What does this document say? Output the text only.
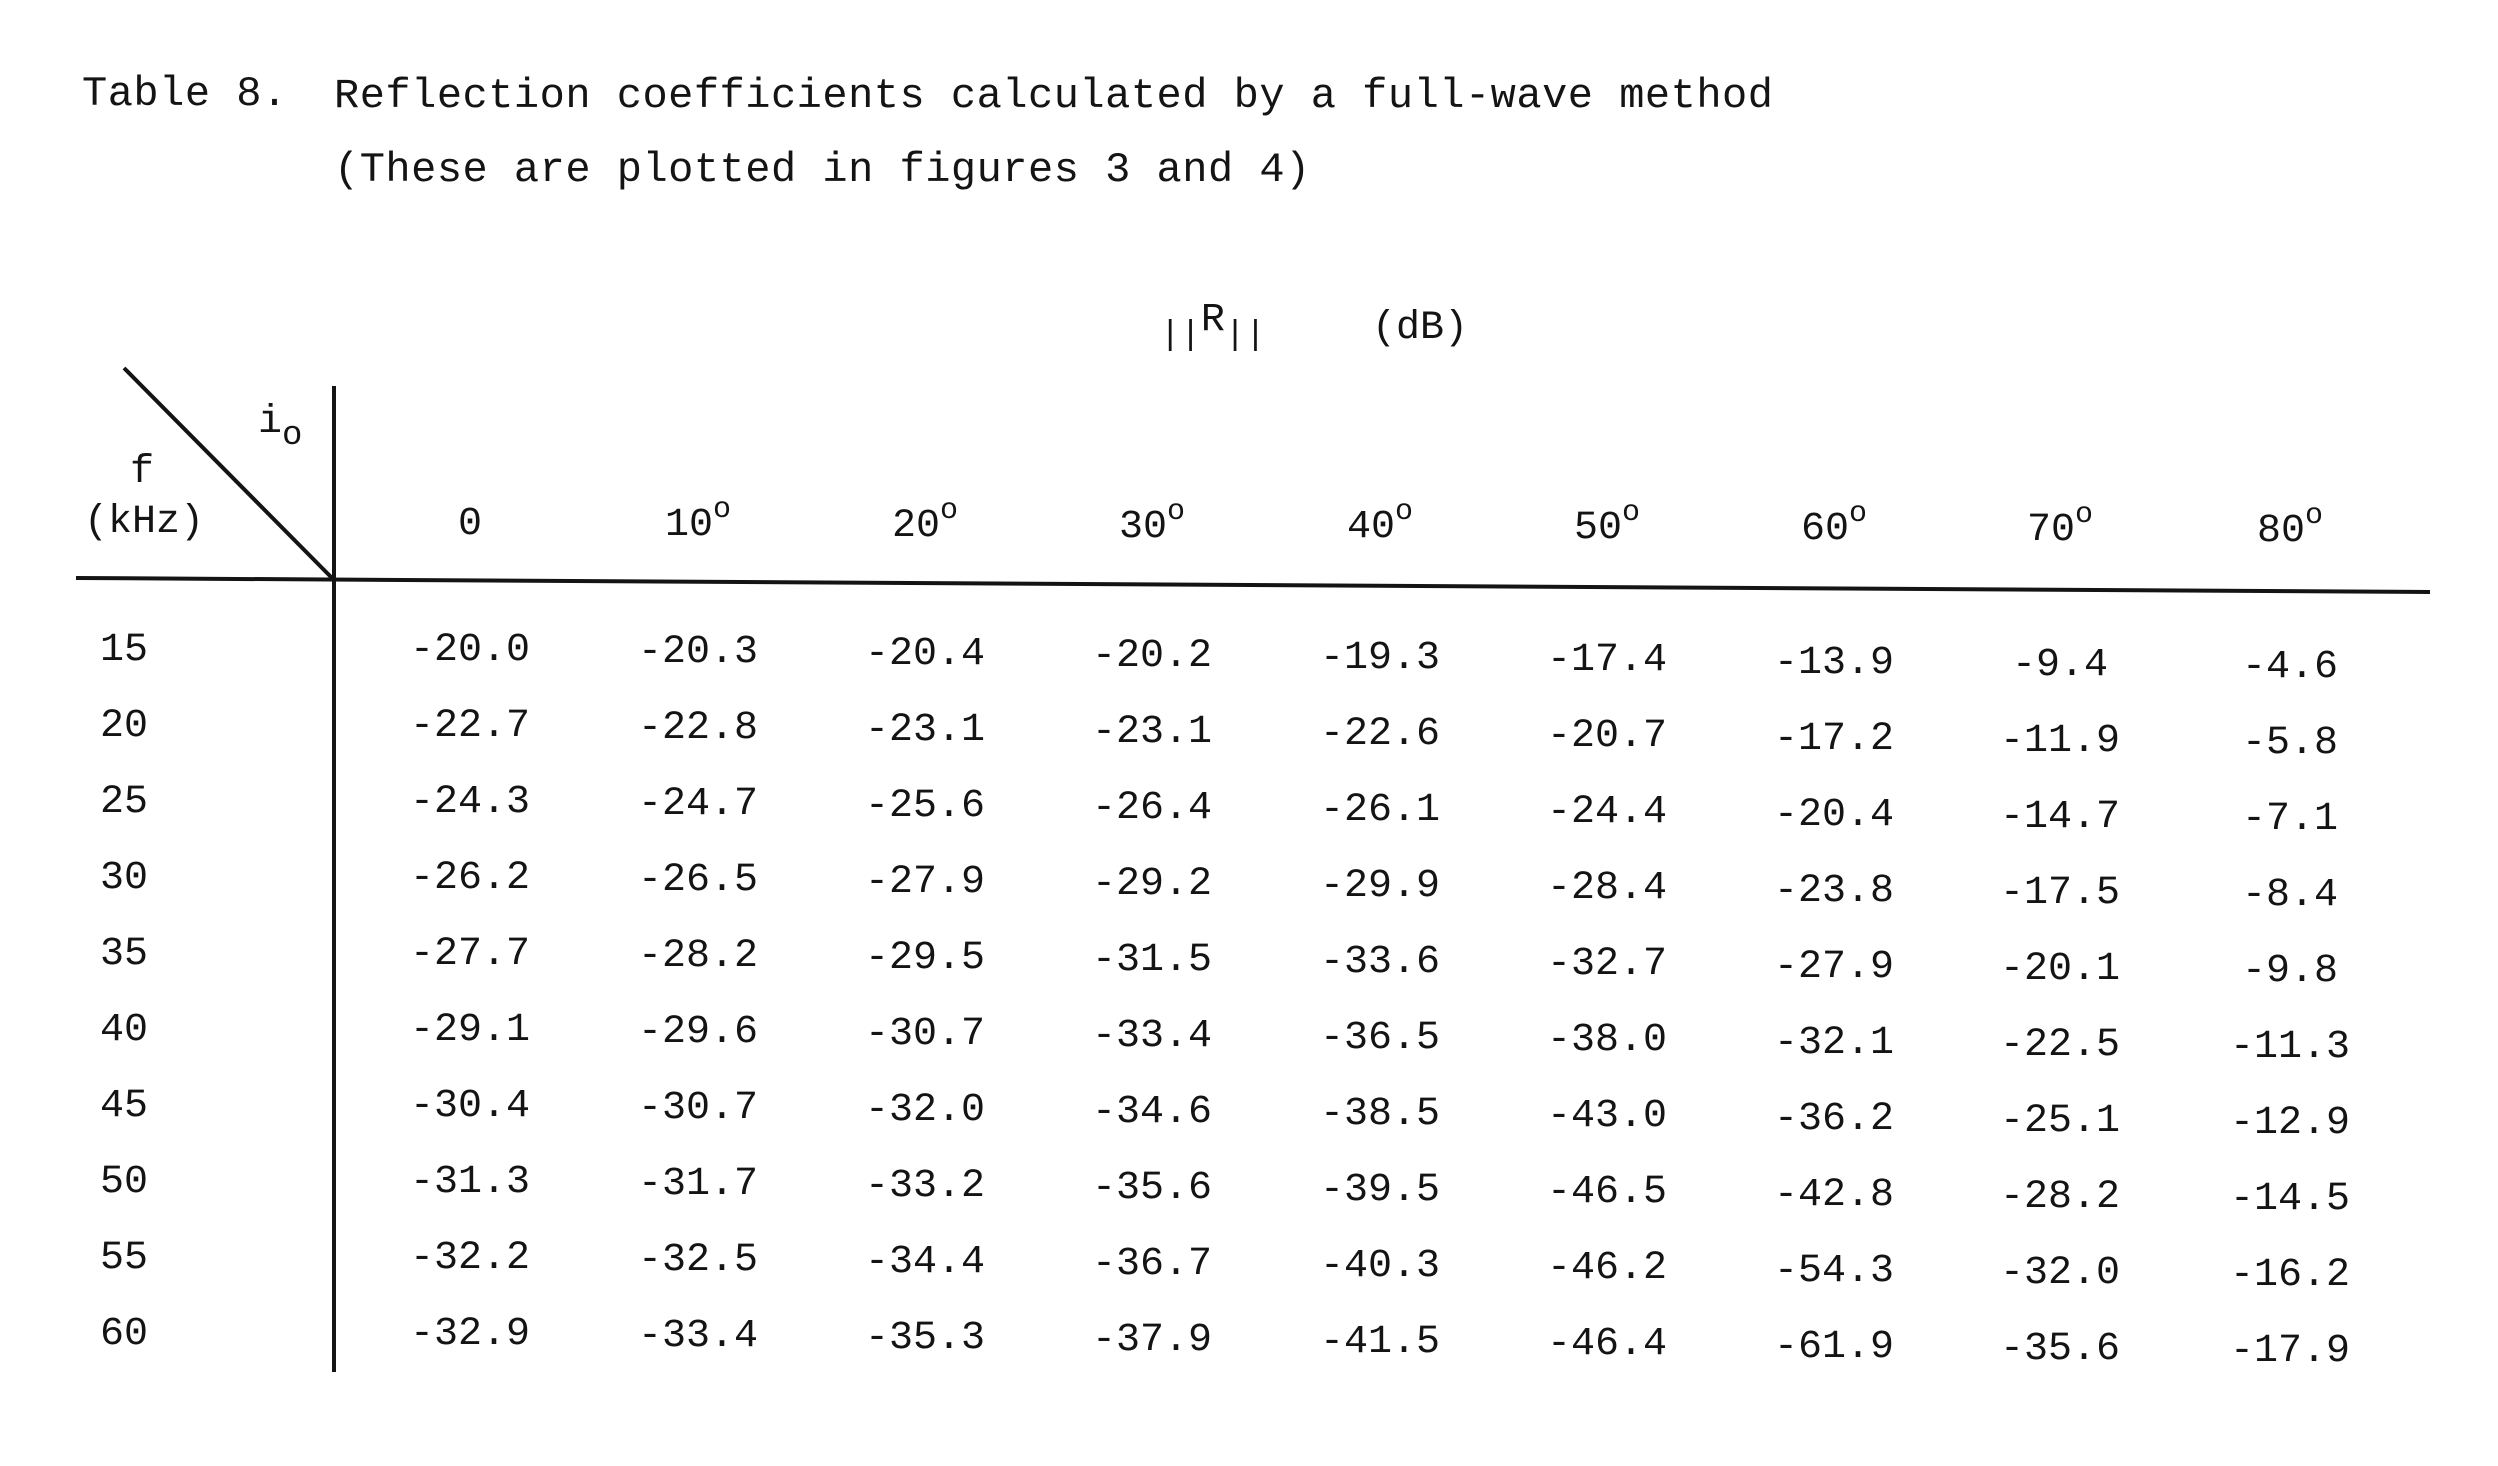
Table 8. Reflection coefficients calculated by a full-wave method
(These are plotted in figures 3 and 4)
$_{||}R_{||}$	(dB)
$i_o$
f
(kHz)	0	10$^o$	20$^o$	30$^o$	40$^o$	50$^o$	60$^o$	70$^o$	80$^o$
15	-20.0	-20.3	-20.4	-20.2	-19.3	-17.4	-13.9	-9.4	-4.6
20	-22.7	-22.8	-23.1	-23.1	-22.6	-20.7	-17.2	-11.9	-5.8
25	-24.3	-24.7	-25.6	-26.4	-26.1	-24.4	-20.4	-14.7	-7.1
30	-26.2	-26.5	-27.9	-29.2	-29.9	-28.4	-23.8	-17.5	-8.4
35	-27.7	-28.2	-29.5	-31.5	-33.6	-32.7	-27.9	-20.1	-9.8
40	-29.1	-29.6	-30.7	-33.4	-36.5	-38.0	-32.1	-22.5	-11.3
45	-30.4	-30.7	-32.0	-34.6	-38.5	-43.0	-36.2	-25.1	-12.9
50	-31.3	-31.7	-33.2	-35.6	-39.5	-46.5	-42.8	-28.2	-14.5
55	-32.2	-32.5	-34.4	-36.7	-40.3	-46.2	-54.3	-32.0	-16.2
60	-32.9	-33.4	-35.3	-37.9	-41.5	-46.4	-61.9	-35.6	-17.9
